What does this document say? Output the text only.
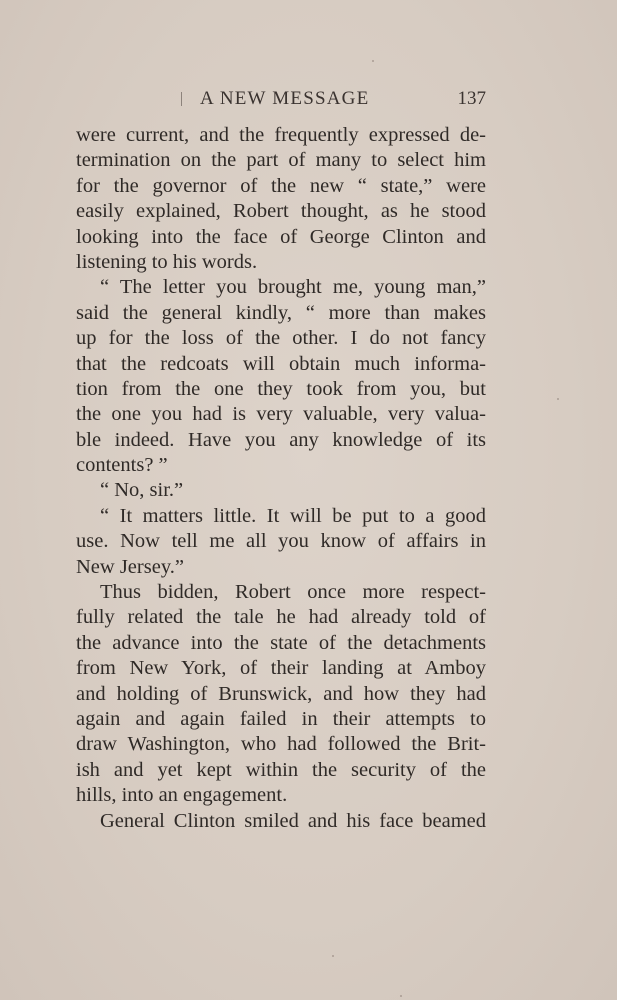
A NEW MESSAGE	137
were current, and the frequently expressed de-
termination on the part of many to select him
for the governor of the new “ state,” were
easily explained, Robert thought, as he stood
looking into the face of George Clinton and
listening to his words.
“ The letter you brought me, young man,”
said the general kindly, “ more than makes
up for the loss of the other. I do not fancy
that the redcoats will obtain much informa-
tion from the one they took from you, but
the one you had is very valuable, very valua-
ble indeed. Have you any knowledge of its
contents? ”
“ No, sir.”
“ It matters little. It will be put to a good
use. Now tell me all you know of affairs in
New Jersey.”
Thus bidden, Robert once more respect-
fully related the tale he had already told of
the advance into the state of the detachments
from New York, of their landing at Amboy
and holding of Brunswick, and how they had
again and again failed in their attempts to
draw Washington, who had followed the Brit-
ish and yet kept within the security of the
hills, into an engagement.
General Clinton smiled and his face beamed
